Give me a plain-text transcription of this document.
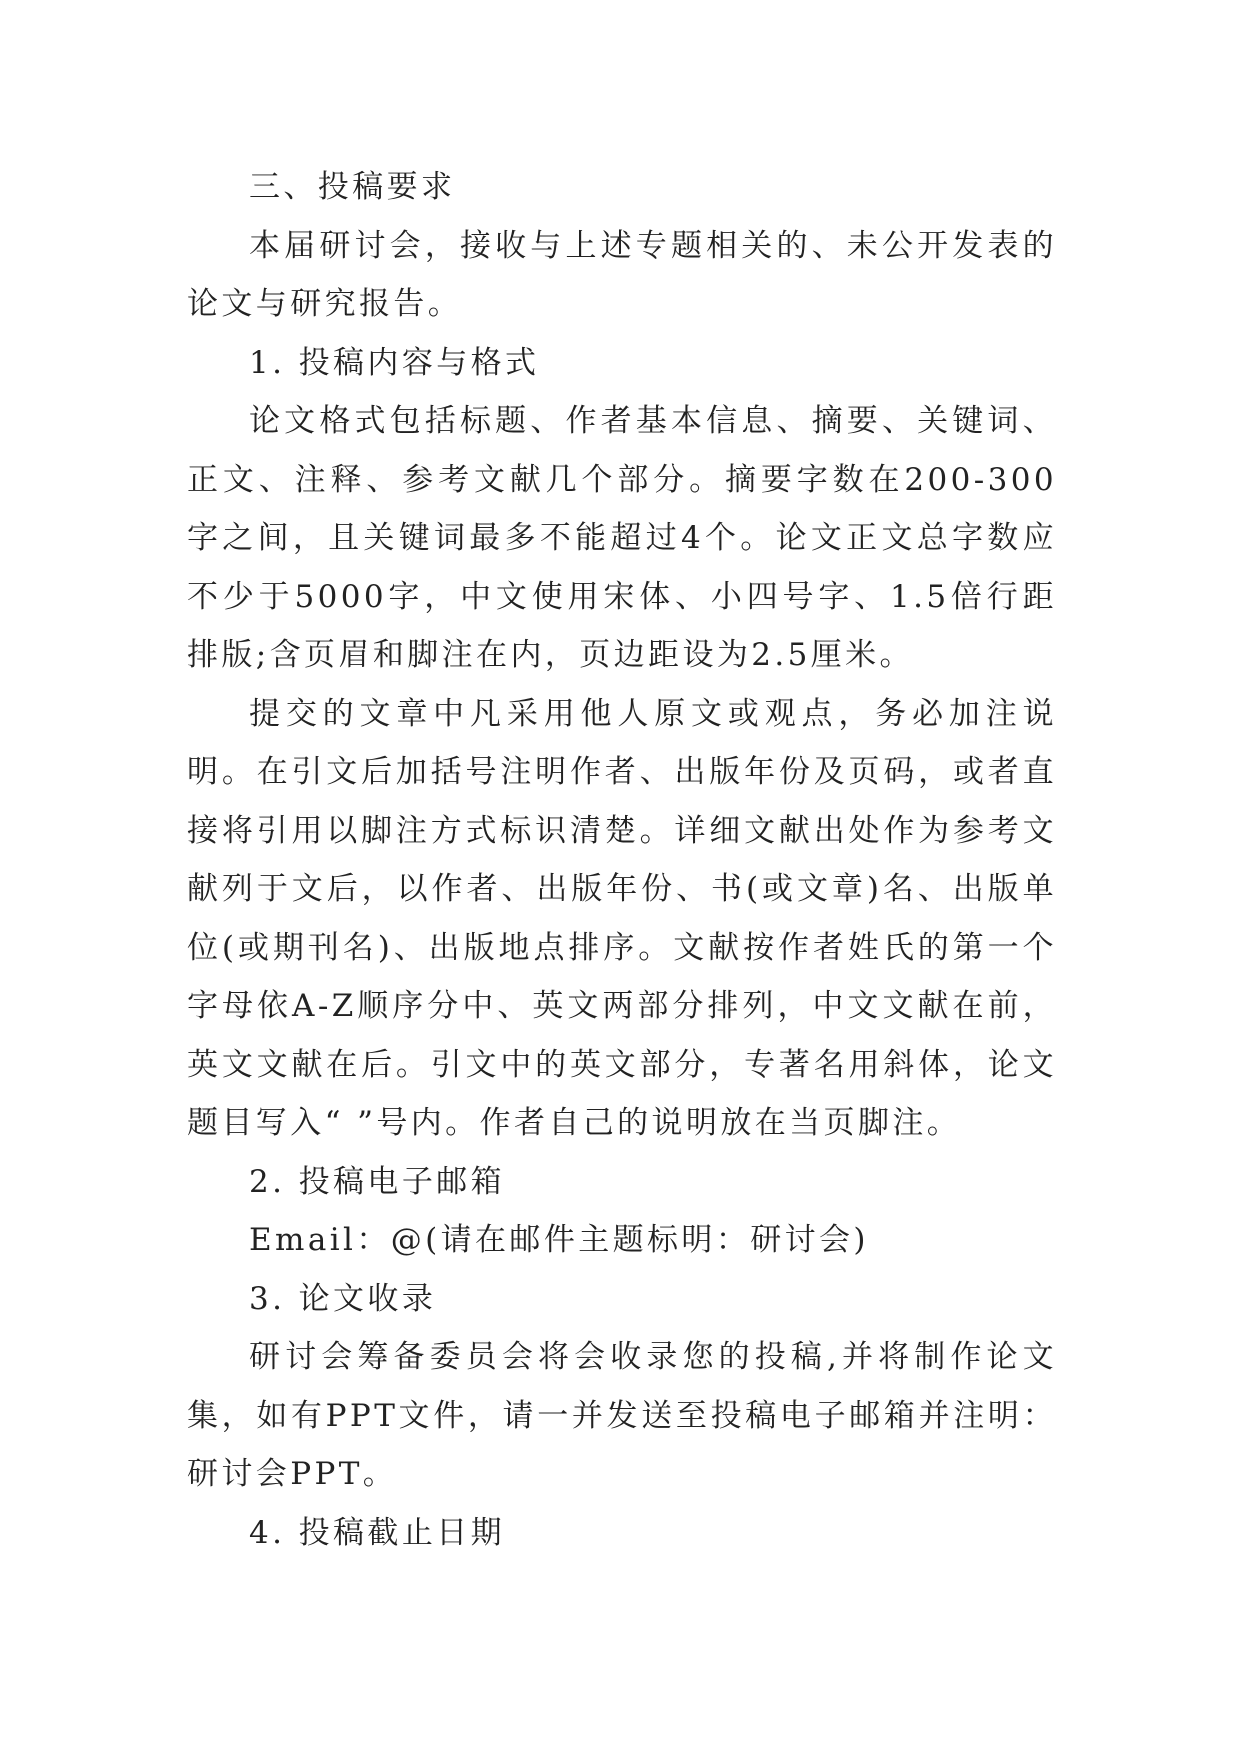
三、投稿要求

本届研讨会，接收与上述专题相关的、未公开发表的论文与研究报告。

1. 投稿内容与格式

论文格式包括标题、作者基本信息、摘要、关键词、正文、注释、参考文献几个部分。摘要字数在200-300字之间，且关键词最多不能超过4个。论文正文总字数应不少于5000字，中文使用宋体、小四号字、1.5倍行距排版;含页眉和脚注在内，页边距设为2.5厘米。

提交的文章中凡采用他人原文或观点，务必加注说明。在引文后加括号注明作者、出版年份及页码，或者直接将引用以脚注方式标识清楚。详细文献出处作为参考文献列于文后，以作者、出版年份、书(或文章)名、出版单位(或期刊名)、出版地点排序。文献按作者姓氏的第一个字母依A-Z顺序分中、英文两部分排列，中文文献在前，英文文献在后。引文中的英文部分，专著名用斜体，论文题目写入“ ”号内。作者自己的说明放在当页脚注。

2. 投稿电子邮箱

Email：@(请在邮件主题标明：研讨会)

3. 论文收录

研讨会筹备委员会将会收录您的投稿,并将制作论文集，如有PPT文件，请一并发送至投稿电子邮箱并注明：研讨会PPT。

4. 投稿截止日期
